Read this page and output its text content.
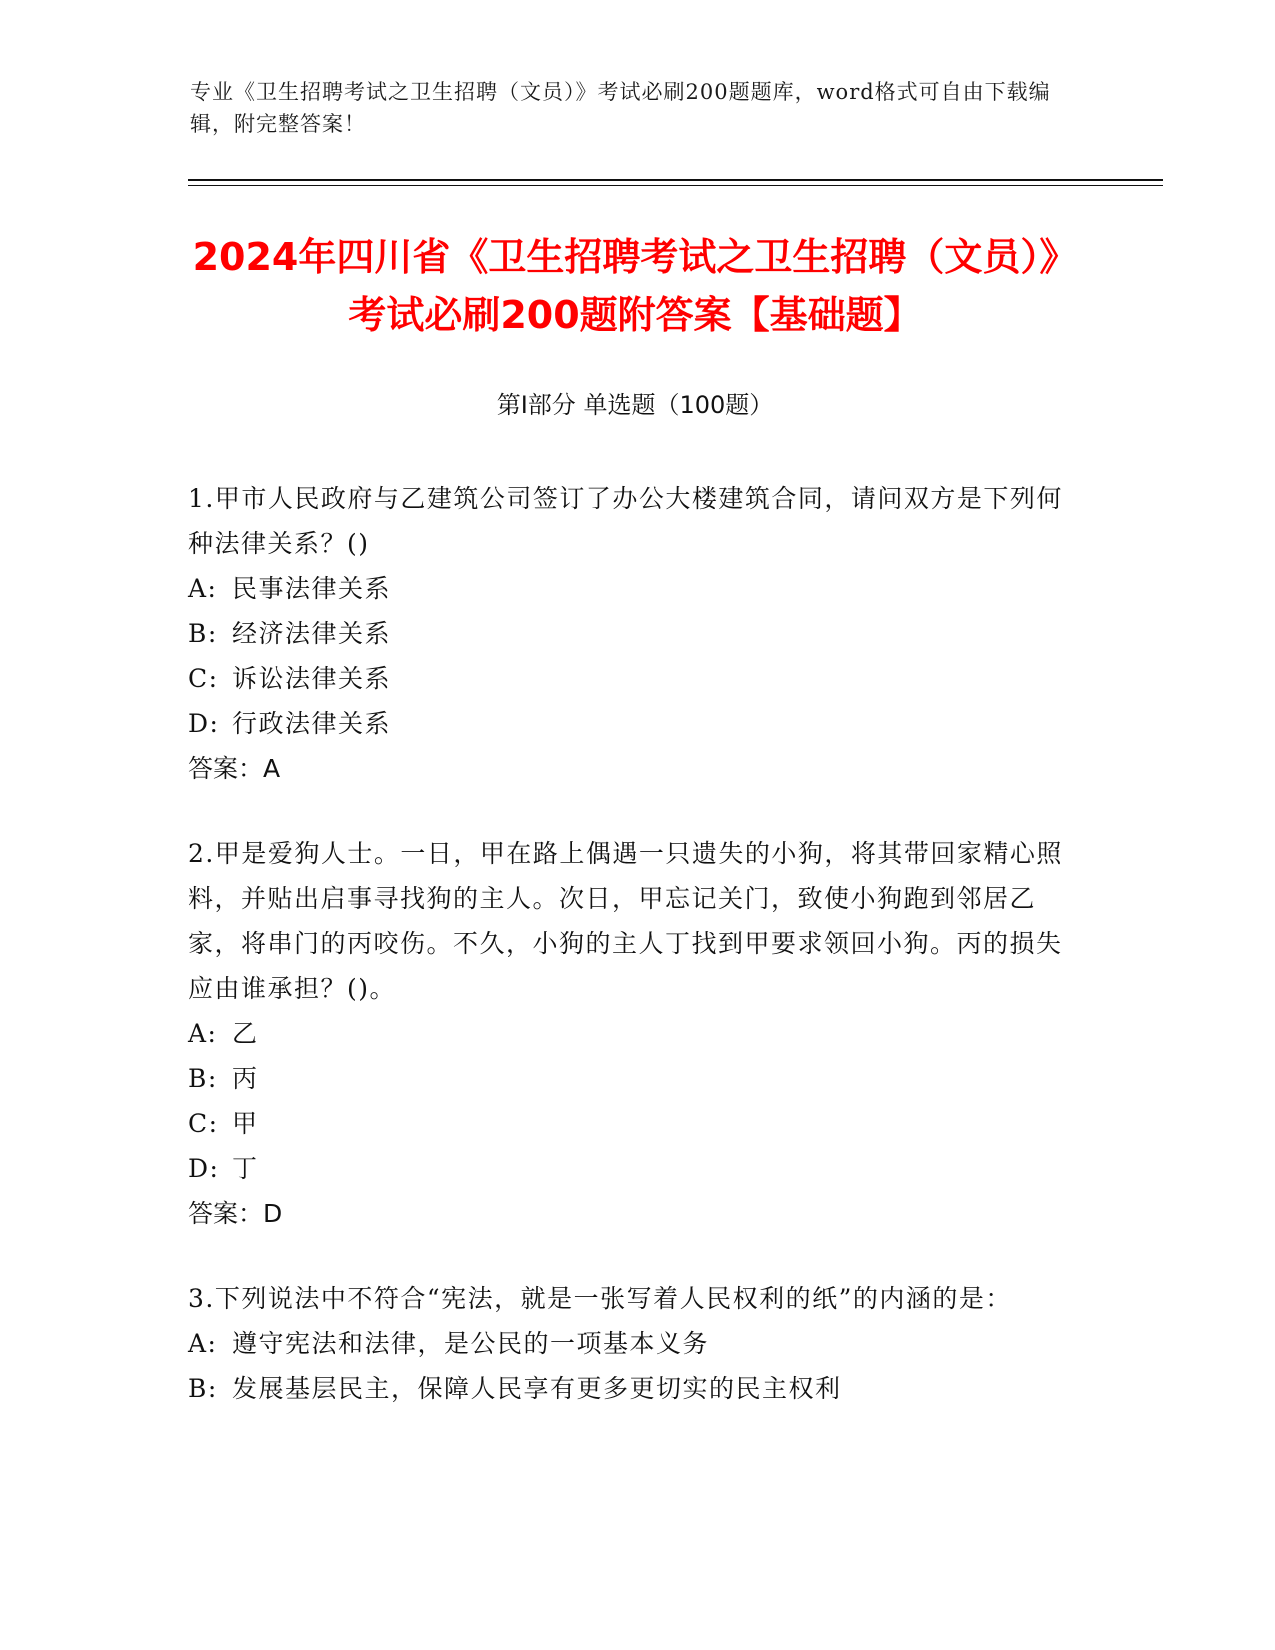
专业《卫生招聘考试之卫生招聘（文员）》考试必刷200题题库，word格式可自由下载编辑，附完整答案！
2024年四川省《卫生招聘考试之卫生招聘（文员）》考试必刷200题附答案【基础题】
第I部分 单选题（100题）
1.甲市人民政府与乙建筑公司签订了办公大楼建筑合同，请问双方是下列何种法律关系？()
A: 民事法律关系
B: 经济法律关系
C: 诉讼法律关系
D: 行政法律关系
答案：A
2.甲是爱狗人士。一日，甲在路上偶遇一只遗失的小狗，将其带回家精心照料，并贴出启事寻找狗的主人。次日，甲忘记关门，致使小狗跑到邻居乙家，将串门的丙咬伤。不久，小狗的主人丁找到甲要求领回小狗。丙的损失应由谁承担？()。
A: 乙
B: 丙
C: 甲
D: 丁
答案：D
3.下列说法中不符合“宪法，就是一张写着人民权利的纸”的内涵的是：
A: 遵守宪法和法律，是公民的一项基本义务
B: 发展基层民主，保障人民享有更多更切实的民主权利
